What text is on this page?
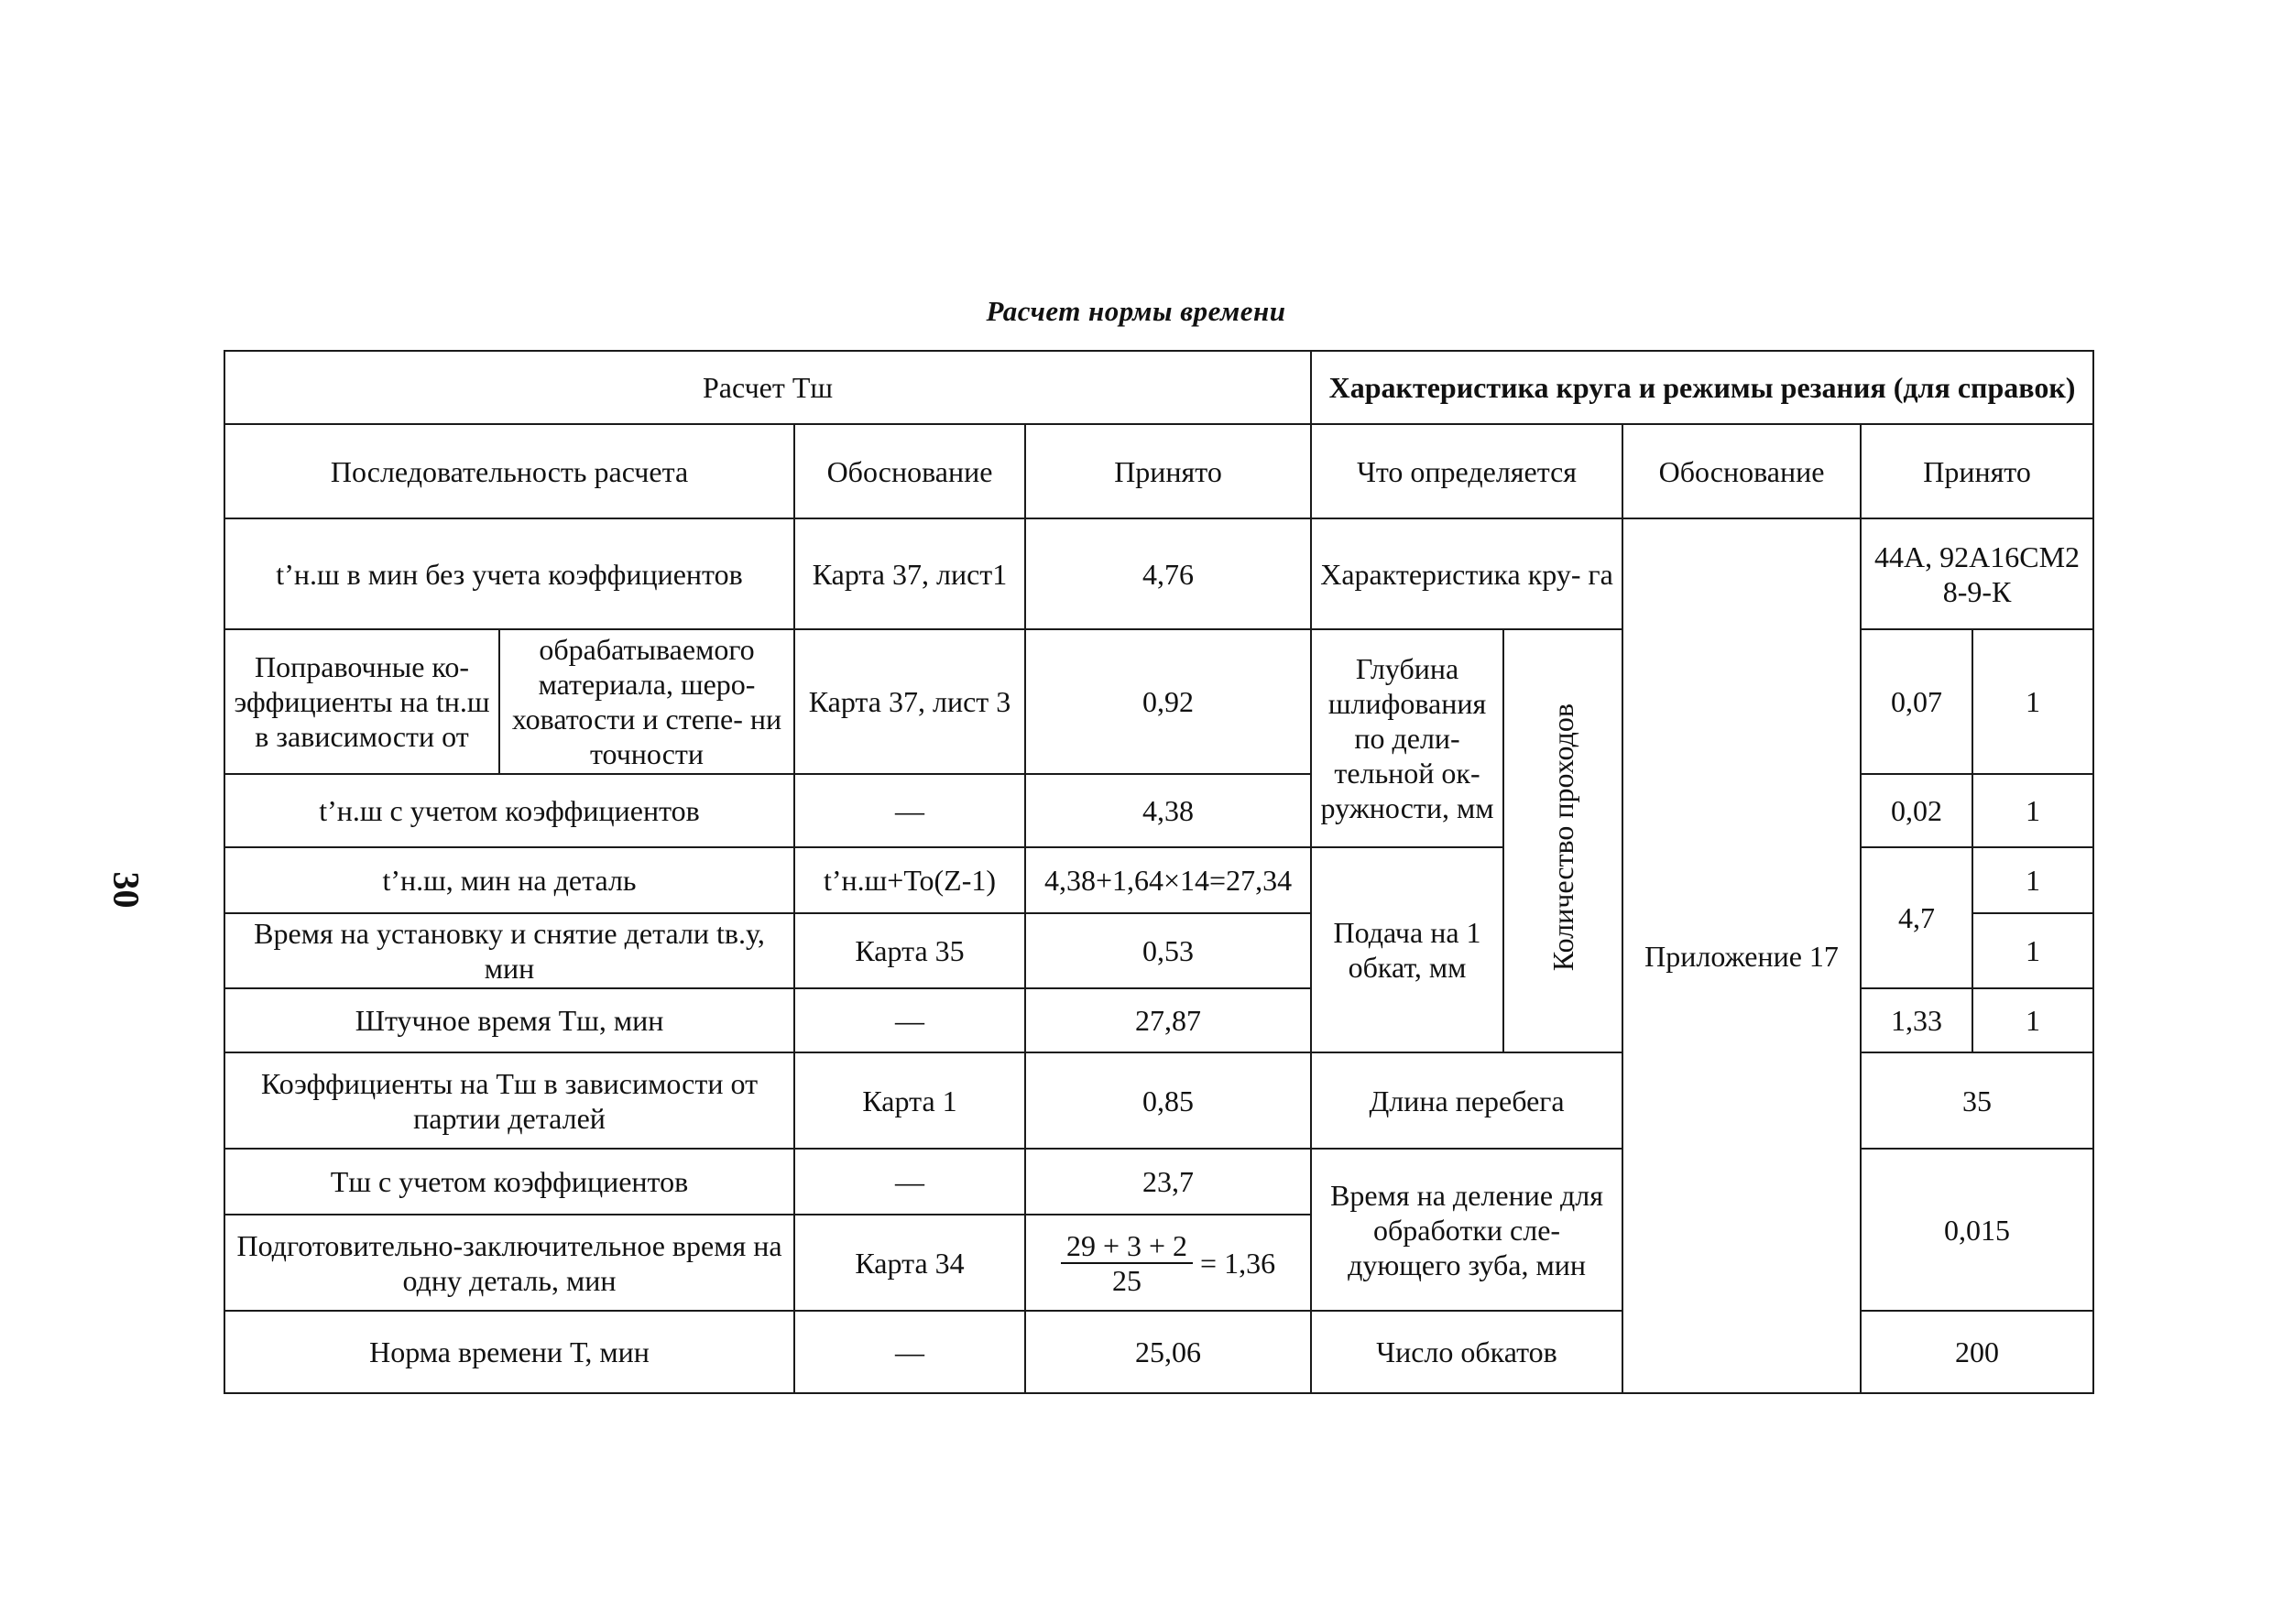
Расчет нормы времени
30
Расчет Тш				Характеристика круга и режимы резания (для справок)				
Последовательность расчета		Обоснование	Принято	Что определяется		Обоснование	Принято	
t’н.ш в мин без учета коэффициентов		Карта 37, лист1	4,76	Характеристика кру- га		Приложение 17	44А, 92А16СМ2 8-9-К	
Поправочные ко- эффициенты на tн.ш в зависимости от	обрабатываемого материала, шеро- ховатости и степе- ни точности	Карта 37, лист 3	0,92	Глубина шлифования по дели- тельной ок- ружности, мм	Количество проходов		0,07	1
t’н.ш с учетом коэффициентов		—	4,38				0,02	1
t’н.ш, мин на деталь		t’н.ш+То(Z-1)	4,38+1,64×14=27,34	Подача на 1 обкат, мм			4,7	1
Время на установку и снятие детали tв.у, мин		Карта 35	0,53					1
Штучное время Тш, мин		—	27,87				1,33	1
Коэффициенты на Тш в зависимости от партии деталей		Карта 1	0,85	Длина перебега			35	
Тш с учетом коэффициентов		—	23,7	Время на деление для обработки сле- дующего зуба, мин			0,015	
Подготовительно-заключительное время на одну деталь, мин		Карта 34	$\frac{29 + 3 + 2}{25} = 1,36$					

Норма времени Т, мин		—	25,06	Число обкатов			200	
